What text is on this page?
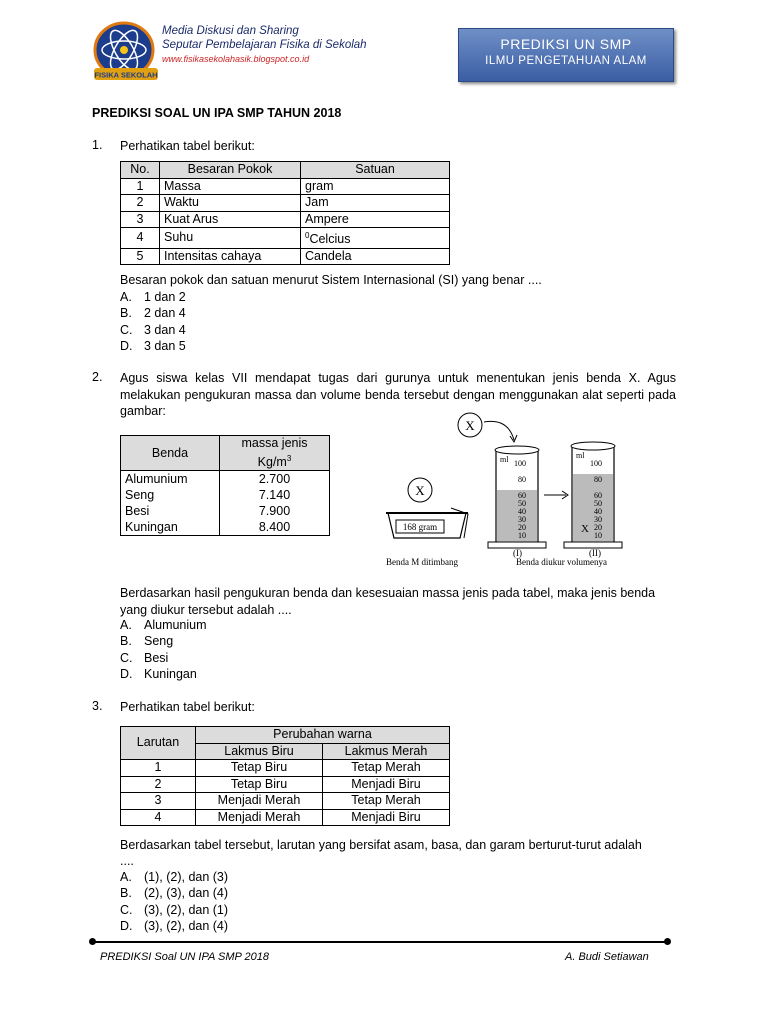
FISIKA SEKOLAH
Media Diskusi dan Sharing
Seputar Pembelajaran Fisika di Sekolah
www.fisikasekolahasik.blogspot.co.id
PREDIKSI UN SMP
ILMU PENGETAHUAN ALAM
PREDIKSI SOAL UN IPA SMP TAHUN 2018
1. Perhatikan tabel berikut:
No.	Besaran Pokok	Satuan
1	Massa	gram
2	Waktu	Jam
3	Kuat Arus	Ampere
4	Suhu	$^0$Celcius
5	Intensitas cahaya	Candela
Besaran pokok dan satuan menurut Sistem Internasional (SI) yang benar ....
A. 1 dan 2
B. 2 dan 4
C. 3 dan 4
D. 3 dan 5
2. Agus siswa kelas VII mendapat tugas dari gurunya untuk menentukan jenis benda X. Agus melakukan pengukuran massa dan volume benda tersebut dengan menggunakan alat seperti pada gambar:
Benda	massa jenis
$Kg/m^3$
Alumunium	2.700
Seng	7.140
Besi	7.900
Kuningan	8.400	168 gram
X
X
ml 100
80
60
50
40
30
20
10
(I)
ml
100
80
60
50
40
30
20
10
X
(II)
Benda M ditimbang	Benda diukur volumenya
Berdasarkan hasil pengukuran benda dan kesesuaian massa jenis pada tabel, maka jenis benda yang diukur tersebut adalah ....
A. Alumunium
B. Seng
C. Besi
D. Kuningan
3. Perhatikan tabel berikut:
Larutan	Perubahan warna	
	Lakmus Biru	Lakmus Merah
1	Tetap Biru	Tetap Merah
2	Tetap Biru	Menjadi Biru
3	Menjadi Merah	Tetap Merah
4	Menjadi Merah	Menjadi Biru
Berdasarkan tabel tersebut, larutan yang bersifat asam, basa, dan garam berturut-turut adalah
....
A. (1), (2), dan (3)
B. (2), (3), dan (4)
C. (3), (2), dan (1)
D. (3), (2), dan (4)
PREDIKSI Soal UN IPA SMP 2018	A. Budi Setiawan
